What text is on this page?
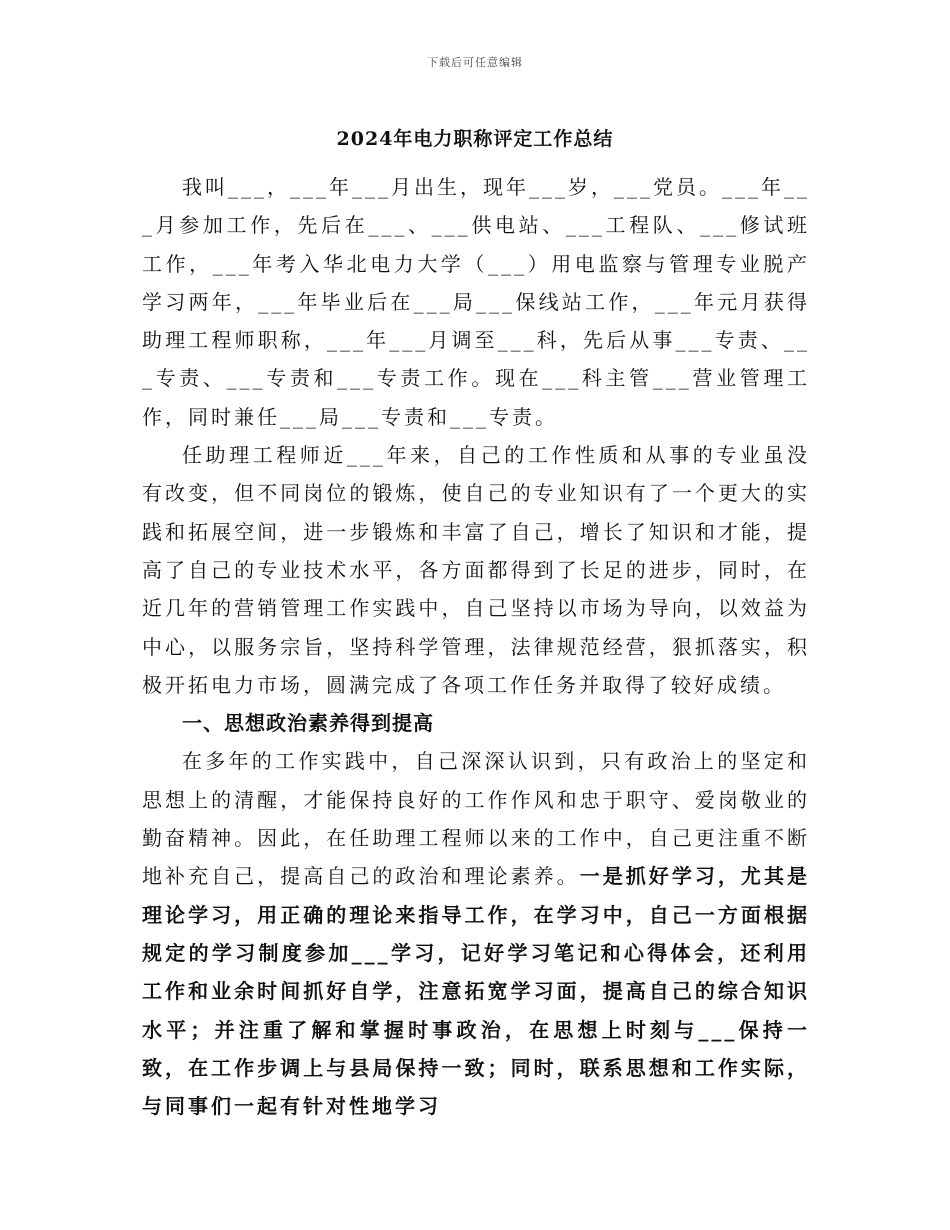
下载后可任意编辑
2024年电力职称评定工作总结

我叫___，___年___月出生，现年___岁，___党员。___年___月参加工作，先后在___、___供电站、___工程队、___修试班工作，___年考入华北电力大学（___）用电监察与管理专业脱产学习两年，___年毕业后在___局___保线站工作，___年元月获得助理工程师职称，___年___月调至___科，先后从事___专责、___专责、___专责和___专责工作。现在___科主管___营业管理工作，同时兼任___局___专责和___专责。

任助理工程师近___年来，自己的工作性质和从事的专业虽没有改变，但不同岗位的锻炼，使自己的专业知识有了一个更大的实践和拓展空间，进一步锻炼和丰富了自己，增长了知识和才能，提高了自己的专业技术水平，各方面都得到了长足的进步，同时，在近几年的营销管理工作实践中，自己坚持以市场为导向，以效益为中心，以服务宗旨，坚持科学管理，法律规范经营，狠抓落实，积极开拓电力市场，圆满完成了各项工作任务并取得了较好成绩。

一、思想政治素养得到提高

在多年的工作实践中，自己深深认识到，只有政治上的坚定和思想上的清醒，才能保持良好的工作作风和忠于职守、爱岗敬业的勤奋精神。因此，在任助理工程师以来的工作中，自己更注重不断地补充自己，提高自己的政治和理论素养。一是抓好学习，尤其是理论学习，用正确的理论来指导工作，在学习中，自己一方面根据规定的学习制度参加___学习，记好学习笔记和心得体会，还利用工作和业余时间抓好自学，注意拓宽学习面，提高自己的综合知识水平；并注重了解和掌握时事政治，在思想上时刻与___保持一致，在工作步调上与县局保持一致；同时，联系思想和工作实际，与同事们一起有针对性地学习
